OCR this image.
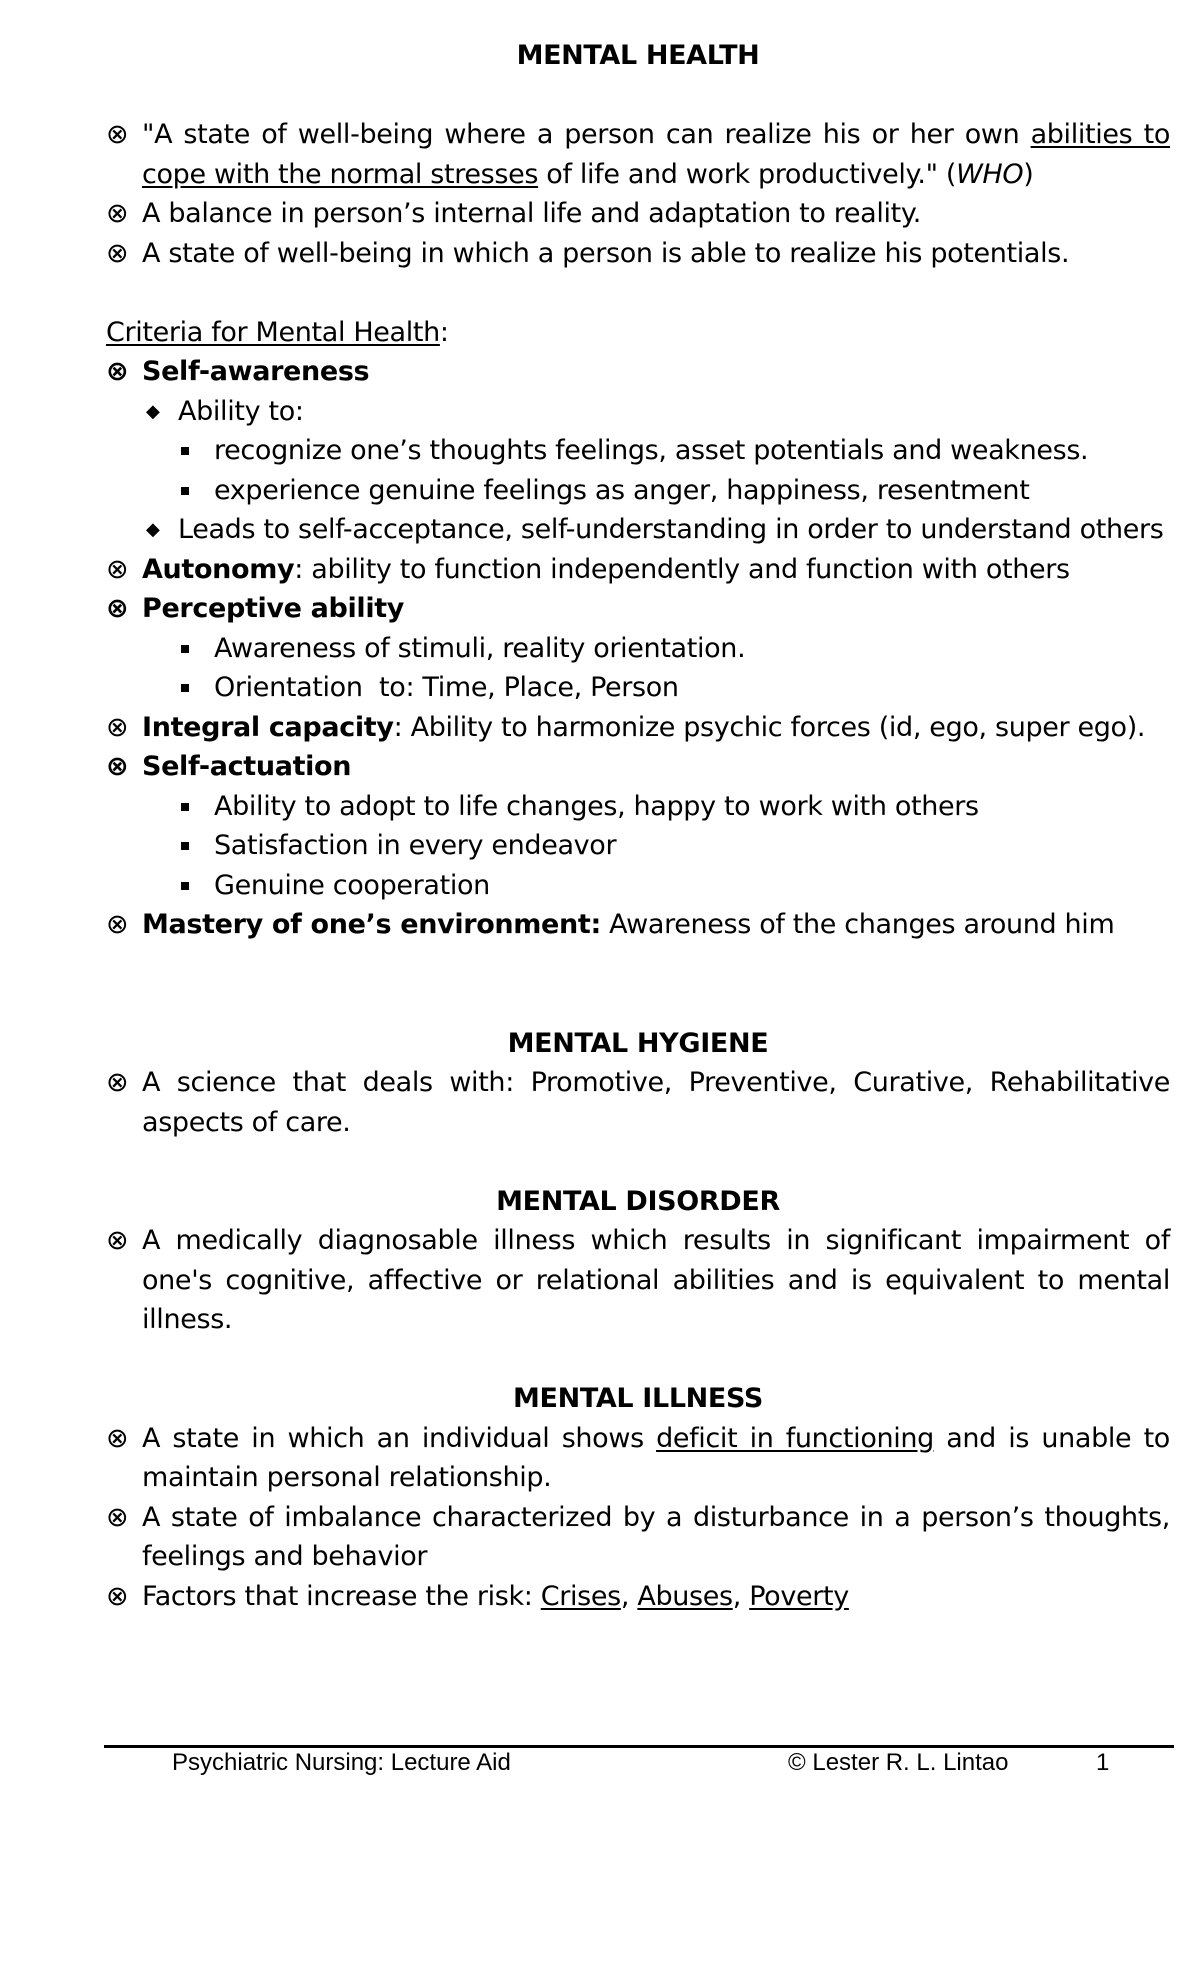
MENTAL HEALTH

⊗ "A state of well-being where a person can realize his or her own abilities to cope with the normal stresses of life and work productively." (WHO)

⊗ A balance in person’s internal life and adaptation to reality.

⊗ A state of well-being in which a person is able to realize his potentials.

Criteria for Mental Health:

⊗ Self-awareness

◆ Ability to:

recognize one’s thoughts feelings, asset potentials and weakness.

experience genuine feelings as anger, happiness, resentment

◆ Leads to self-acceptance, self-understanding in order to understand others

⊗ Autonomy: ability to function independently and function with others

⊗ Perceptive ability

Awareness of stimuli, reality orientation.

Orientation  to: Time, Place, Person

⊗ Integral capacity: Ability to harmonize psychic forces (id, ego, super ego).

⊗ Self-actuation

Ability to adopt to life changes, happy to work with others

Satisfaction in every endeavor

Genuine cooperation

⊗ Mastery of one’s environment: Awareness of the changes around him

MENTAL HYGIENE

⊗ A science that deals with: Promotive, Preventive, Curative, Rehabilitative aspects of care.

MENTAL DISORDER

⊗ A medically diagnosable illness which results in significant impairment of one's cognitive, affective or relational abilities and is equivalent to mental illness.

MENTAL ILLNESS

⊗ A state in which an individual shows deficit in functioning and is unable to maintain personal relationship.

⊗ A state of imbalance characterized by a disturbance in a person’s thoughts, feelings and behavior

⊗ Factors that increase the risk: Crises, Abuses, Poverty

Psychiatric Nursing: Lecture Aid	© Lester R. L. Lintao	1
